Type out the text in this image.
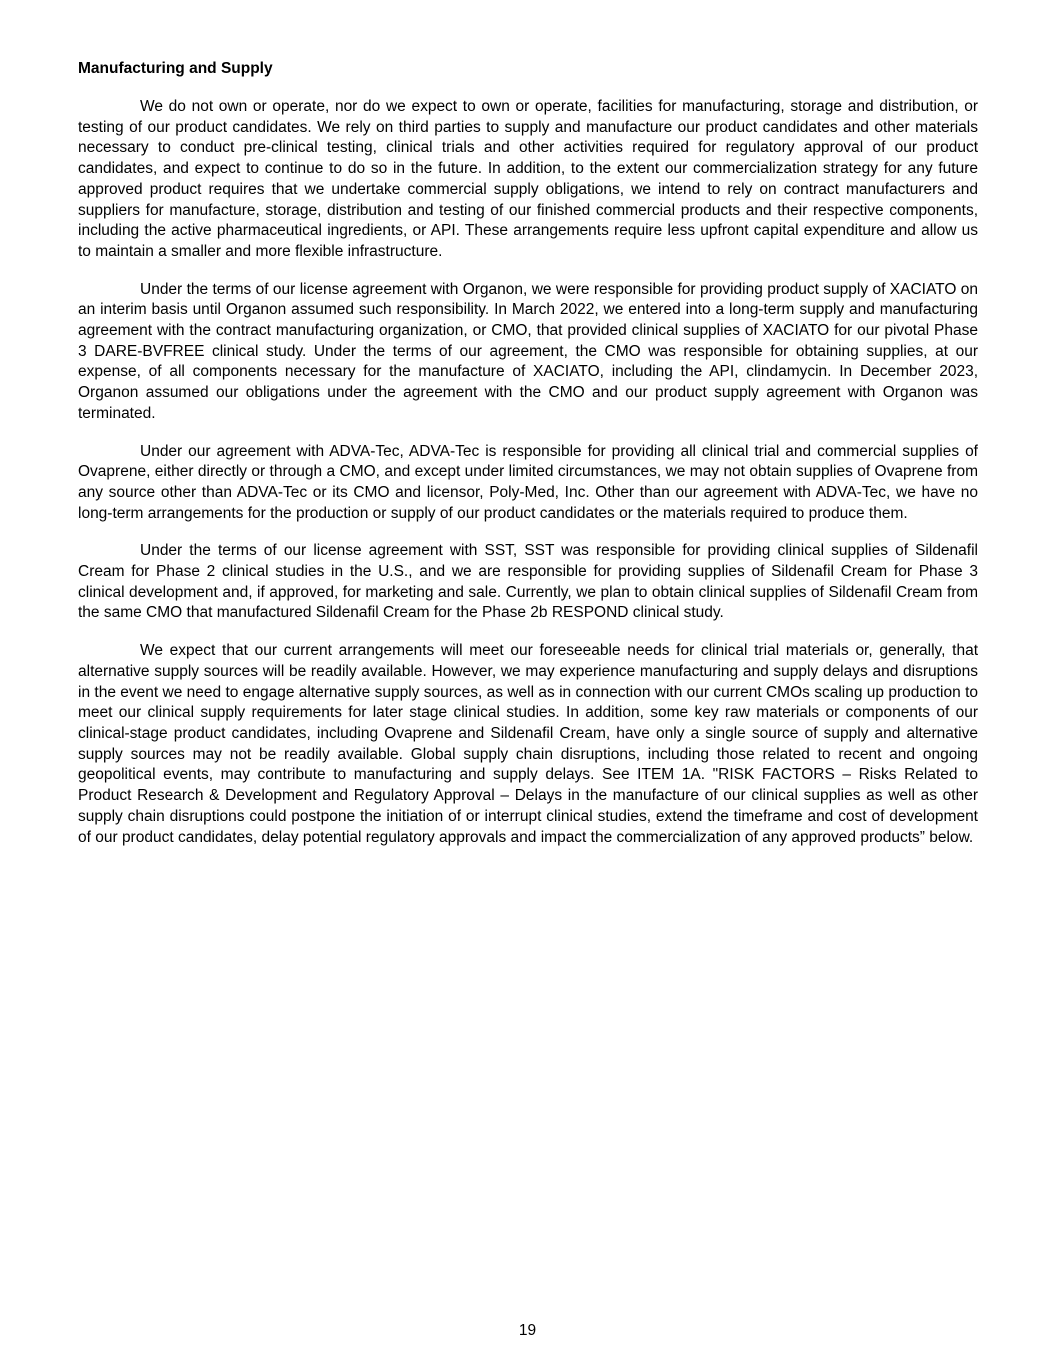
Manufacturing and Supply

We do not own or operate, nor do we expect to own or operate, facilities for manufacturing, storage and distribution, or testing of our product candidates. We rely on third parties to supply and manufacture our product candidates and other materials necessary to conduct pre-clinical testing, clinical trials and other activities required for regulatory approval of our product candidates, and expect to continue to do so in the future. In addition, to the extent our commercialization strategy for any future approved product requires that we undertake commercial supply obligations, we intend to rely on contract manufacturers and suppliers for manufacture, storage, distribution and testing of our finished commercial products and their respective components, including the active pharmaceutical ingredients, or API. These arrangements require less upfront capital expenditure and allow us to maintain a smaller and more flexible infrastructure.

Under the terms of our license agreement with Organon, we were responsible for providing product supply of XACIATO on an interim basis until Organon assumed such responsibility. In March 2022, we entered into a long-term supply and manufacturing agreement with the contract manufacturing organization, or CMO, that provided clinical supplies of XACIATO for our pivotal Phase 3 DARE-BVFREE clinical study. Under the terms of our agreement, the CMO was responsible for obtaining supplies, at our expense, of all components necessary for the manufacture of XACIATO, including the API, clindamycin. In December 2023, Organon assumed our obligations under the agreement with the CMO and our product supply agreement with Organon was terminated.

Under our agreement with ADVA-Tec, ADVA-Tec is responsible for providing all clinical trial and commercial supplies of Ovaprene, either directly or through a CMO, and except under limited circumstances, we may not obtain supplies of Ovaprene from any source other than ADVA-Tec or its CMO and licensor, Poly-Med, Inc. Other than our agreement with ADVA-Tec, we have no long-term arrangements for the production or supply of our product candidates or the materials required to produce them.

Under the terms of our license agreement with SST, SST was responsible for providing clinical supplies of Sildenafil Cream for Phase 2 clinical studies in the U.S., and we are responsible for providing supplies of Sildenafil Cream for Phase 3 clinical development and, if approved, for marketing and sale. Currently, we plan to obtain clinical supplies of Sildenafil Cream from the same CMO that manufactured Sildenafil Cream for the Phase 2b RESPOND clinical study.

We expect that our current arrangements will meet our foreseeable needs for clinical trial materials or, generally, that alternative supply sources will be readily available. However, we may experience manufacturing and supply delays and disruptions in the event we need to engage alternative supply sources, as well as in connection with our current CMOs scaling up production to meet our clinical supply requirements for later stage clinical studies. In addition, some key raw materials or components of our clinical-stage product candidates, including Ovaprene and Sildenafil Cream, have only a single source of supply and alternative supply sources may not be readily available. Global supply chain disruptions, including those related to recent and ongoing geopolitical events, may contribute to manufacturing and supply delays. See ITEM 1A. "RISK FACTORS – Risks Related to Product Research & Development and Regulatory Approval – Delays in the manufacture of our clinical supplies as well as other supply chain disruptions could postpone the initiation of or interrupt clinical studies, extend the timeframe and cost of development of our product candidates, delay potential regulatory approvals and impact the commercialization of any approved products” below.

19
